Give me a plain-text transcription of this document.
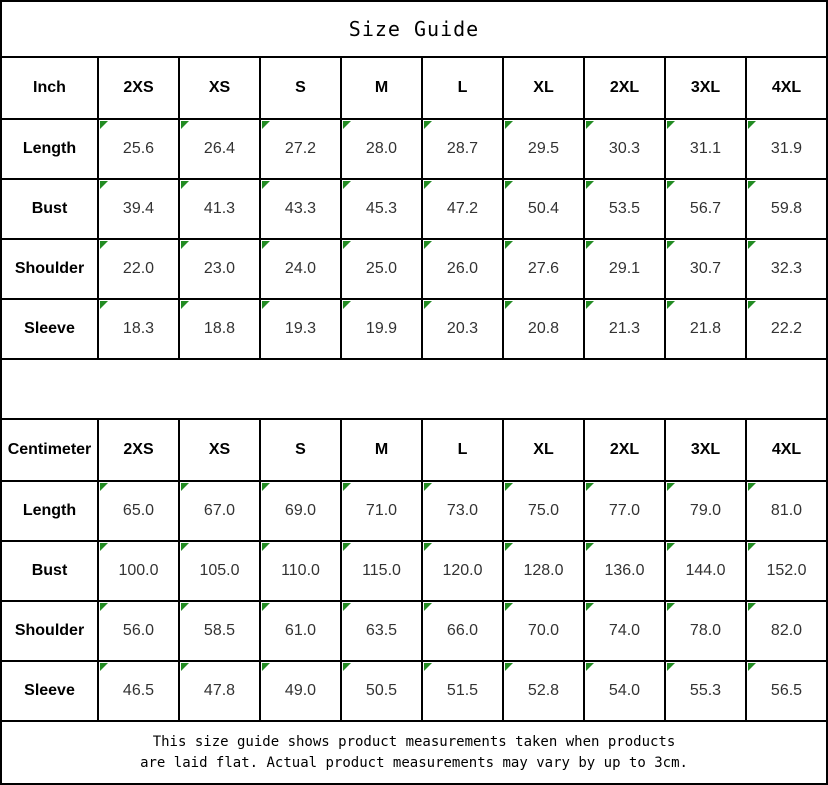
Size Guide									
Inch	2XS	XS	S	M	L	XL	2XL	3XL	4XL
Length	25.6	26.4	27.2	28.0	28.7	29.5	30.3	31.1	31.9
Bust	39.4	41.3	43.3	45.3	47.2	50.4	53.5	56.7	59.8
Shoulder	22.0	23.0	24.0	25.0	26.0	27.6	29.1	30.7	32.3
Sleeve	18.3	18.8	19.3	19.9	20.3	20.8	21.3	21.8	22.2

Centimeter	2XS	XS	S	M	L	XL	2XL	3XL	4XL
Length	65.0	67.0	69.0	71.0	73.0	75.0	77.0	79.0	81.0
Bust	100.0	105.0	110.0	115.0	120.0	128.0	136.0	144.0	152.0
Shoulder	56.0	58.5	61.0	63.5	66.0	70.0	74.0	78.0	82.0
Sleeve	46.5	47.8	49.0	50.5	51.5	52.8	54.0	55.3	56.5

This size guide shows product measurements taken when products
are laid flat. Actual product measurements may vary by up to 3cm.									
